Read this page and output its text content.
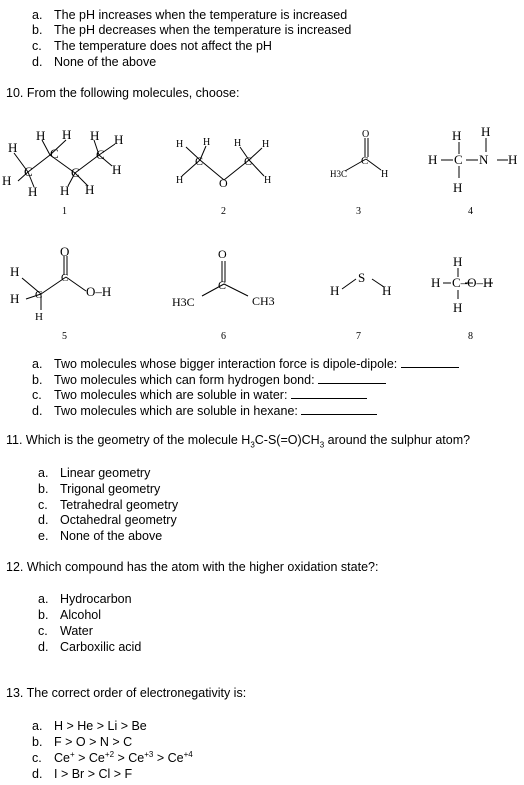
a. The pH increases when the temperature is increased
b. The pH decreases when the temperature is increased
c. The temperature does not affect the pH
d. None of the above
10. From the following molecules, choose:
H
H
C
H
H H
C
C
H H
H
C
H
H
H H
H
C
O
C
H H
H
H3C
C
O
H
H H
H C N H
H
O
C
O–H
H
H C
H
H3C
C
O
CH3
H
S
H
H
H C–O–H
H
1	2	3	4
5	6	7	8
a. Two molecules whose bigger interaction force is dipole-dipole:
b. Two molecules which can form hydrogen bond:
c. Two molecules which are soluble in water:
d. Two molecules which are soluble in hexane:
11. Which is the geometry of the molecule $H_3C-S(=O)CH_3$ around the sulphur atom?
a. Linear geometry
b. Trigonal geometry
c. Tetrahedral geometry
d. Octahedral geometry
e. None of the above
12. Which compound has the atom with the higher oxidation state?:
a. Hydrocarbon
b. Alcohol
c. Water
d. Carboxilic acid
13. The correct order of electronegativity is:
a. H > He > Li > Be
b. F > O > N > C
c. $Ce^+ > Ce^{+2} > Ce^{+3} > Ce^{+4}$
d. I > Br > Cl > F
